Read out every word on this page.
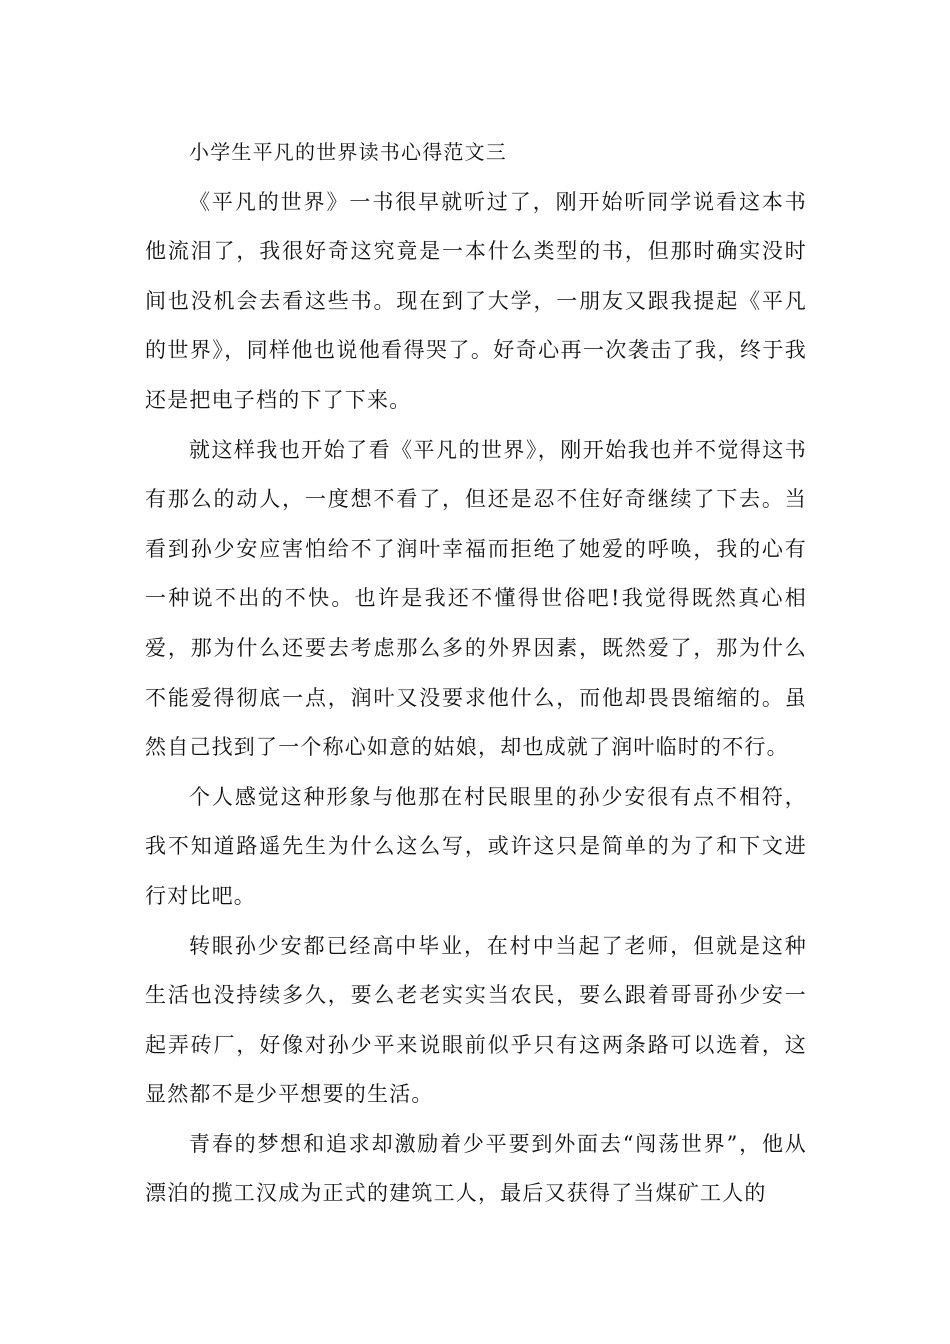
小学生平凡的世界读书心得范文三

《平凡的世界》一书很早就听过了，刚开始听同学说看这本书他流泪了，我很好奇这究竟是一本什么类型的书，但那时确实没时间也没机会去看这些书。现在到了大学，一朋友又跟我提起《平凡的世界》，同样他也说他看得哭了。好奇心再一次袭击了我，终于我还是把电子档的下了下来。

就这样我也开始了看《平凡的世界》，刚开始我也并不觉得这书有那么的动人，一度想不看了，但还是忍不住好奇继续了下去。当看到孙少安应害怕给不了润叶幸福而拒绝了她爱的呼唤，我的心有一种说不出的不快。也许是我还不懂得世俗吧!我觉得既然真心相爱，那为什么还要去考虑那么多的外界因素，既然爱了，那为什么不能爱得彻底一点，润叶又没要求他什么，而他却畏畏缩缩的。虽然自己找到了一个称心如意的姑娘，却也成就了润叶临时的不行。

个人感觉这种形象与他那在村民眼里的孙少安很有点不相符，我不知道路遥先生为什么这么写，或许这只是简单的为了和下文进行对比吧。

转眼孙少安都已经高中毕业，在村中当起了老师，但就是这种生活也没持续多久，要么老老实实当农民，要么跟着哥哥孙少安一起弄砖厂，好像对孙少平来说眼前似乎只有这两条路可以选着，这显然都不是少平想要的生活。

青春的梦想和追求却激励着少平要到外面去“闯荡世界”，他从漂泊的揽工汉成为正式的建筑工人，最后又获得了当煤矿工人的
